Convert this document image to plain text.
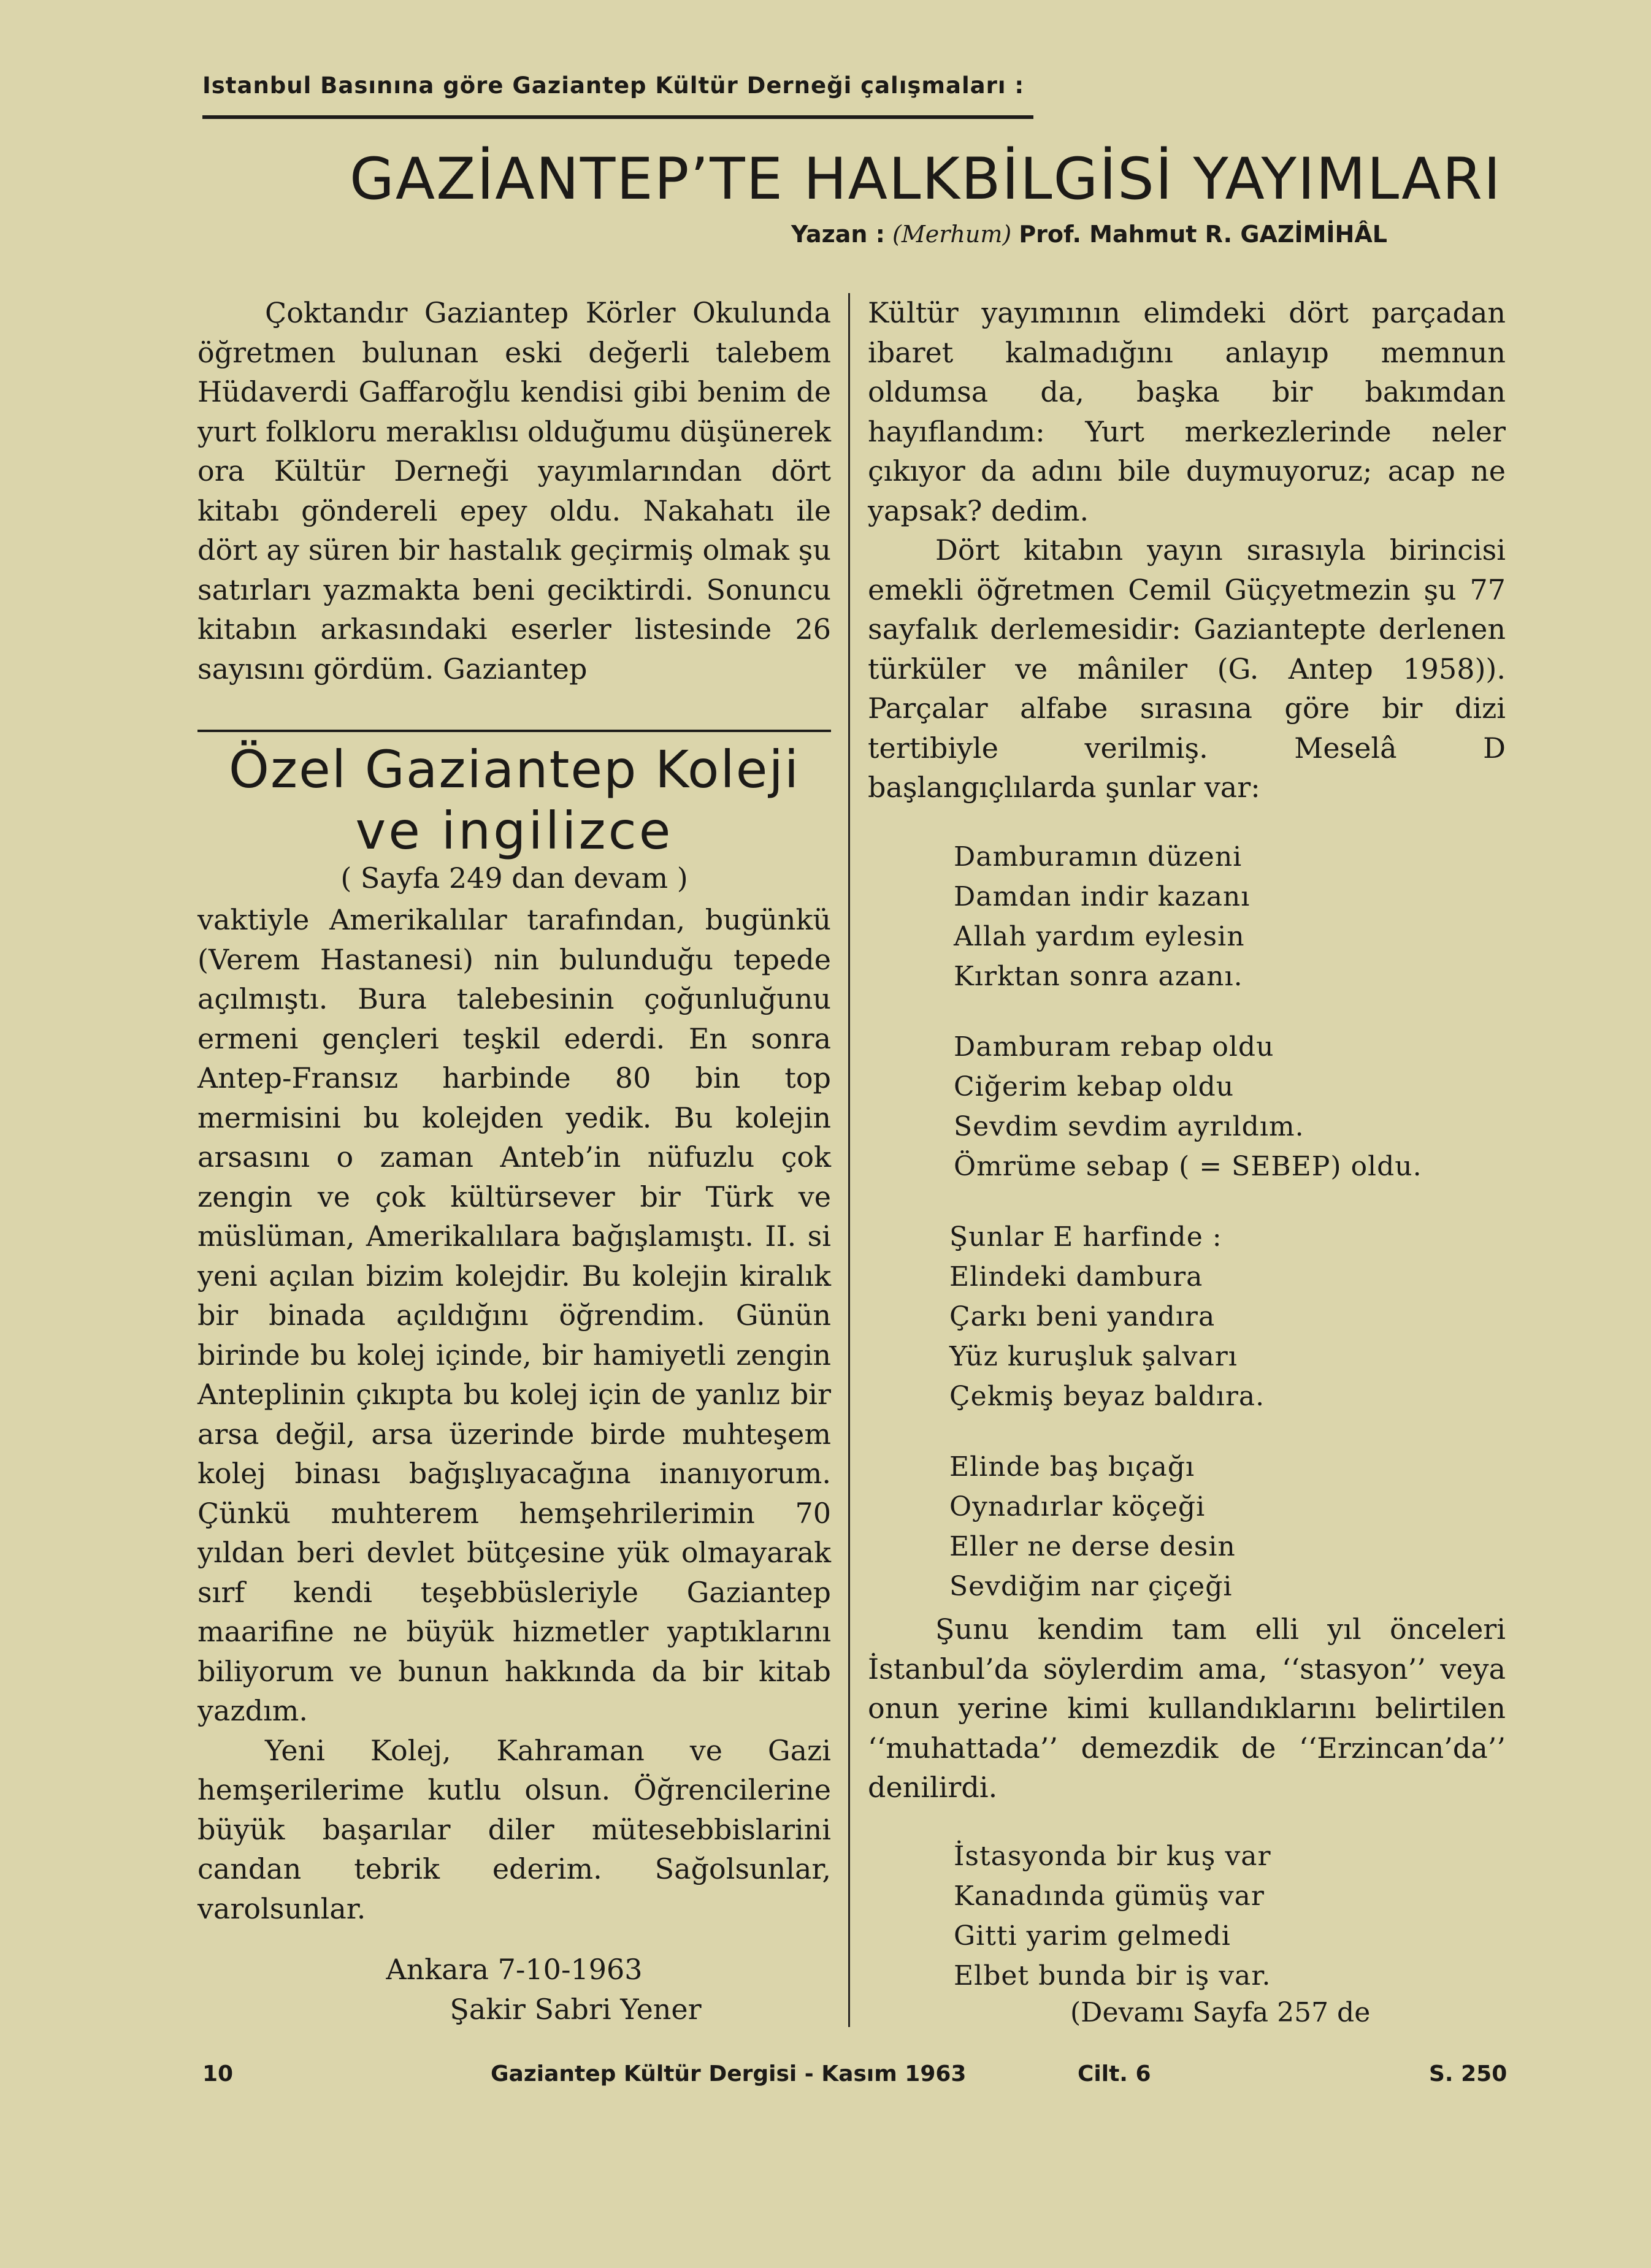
Istanbul Basınına göre Gaziantep Kültür Derneği çalışmaları :
GAZİANTEP’TE HALKBİLGİSİ YAYIMLARI
Yazan : (Merhum) Prof. Mahmut R. GAZİMİHÂL

Çoktandır Gaziantep Körler Okulunda öğretmen bulunan eski değerli talebem Hüdaverdi Gaffaroğlu kendisi gibi benim de yurt folkloru meraklısı olduğumu düşünerek ora Kültür Derneği yayımlarından dört kitabı göndereli epey oldu. Nakahatı ile dört ay süren bir hastalık geçirmiş olmak şu satırları yazmakta beni geciktirdi. Sonuncu kitabın arkasındaki eserler listesinde 26 sayısını gördüm. Gaziantep

Özel Gaziantep Koleji
ve ingilizce
( Sayfa 249 dan devam )

vaktiyle Amerikalılar tarafından, bugünkü (Verem Hastanesi) nin bulunduğu tepede açılmıştı. Bura talebesinin çoğunluğunu ermeni gençleri teşkil ederdi. En sonra Antep-Fransız harbinde 80 bin top mermisini bu kolejden yedik. Bu kolejin arsasını o zaman Anteb’in nüfuzlu çok zengin ve çok kültürsever bir Türk ve müslüman, Amerikalılara bağışlamıştı. II. si yeni açılan bizim kolejdir. Bu kolejin kiralık bir binada açıldığını öğrendim. Günün birinde bu kolej içinde, bir hamiyetli zengin Anteplinin çıkıpta bu kolej için de yanlız bir arsa değil, arsa üzerinde birde muhteşem kolej binası bağışlıyacağına inanıyorum. Çünkü muhterem hemşehrilerimin 70 yıldan beri devlet bütçesine yük olmayarak sırf kendi teşebbüsleriyle Gaziantep maarifine ne büyük hizmetler yaptıklarını biliyorum ve bunun hakkında da bir kitab yazdım.

Yeni Kolej, Kahraman ve Gazi hemşerilerime kutlu olsun. Öğrencilerine büyük başarılar diler mütesebbislarini candan tebrik ederim. Sağolsunlar, varolsunlar.

Ankara 7-10-1963
Şakir Sabri Yener

Kültür yayımının elimdeki dört parçadan ibaret kalmadığını anlayıp memnun oldumsa da, başka bir bakımdan hayıflandım: Yurt merkezlerinde neler çıkıyor da adını bile duymuyoruz; acap ne yapsak? dedim.

Dört kitabın yayın sırasıyla birincisi emekli öğretmen Cemil Güçyetmezin şu 77 sayfalık derlemesidir: Gaziantepte derlenen türküler ve mâniler (G. Antep 1958)). Parçalar alfabe sırasına göre bir dizi tertibiyle verilmiş. Meselâ D başlangıçlılarda şunlar var:

Damburamın düzeni
Damdan indir kazanı
Allah yardım eylesin
Kırktan sonra azanı.
Damburam rebap oldu
Ciğerim kebap oldu
Sevdim sevdim ayrıldım.
Ömrüme sebap ( = SEBEP) oldu.
Şunlar E harfinde :
Elindeki dambura
Çarkı beni yandıra
Yüz kuruşluk şalvarı
Çekmiş beyaz baldıra.
Elinde baş bıçağı
Oynadırlar köçeği
Eller ne derse desin
Sevdiğim nar çiçeği

Şunu kendim tam elli yıl önceleri İstanbul’da söylerdim ama, ‘‘stasyon’’ veya onun yerine kimi kullandıklarını belirtilen ‘‘muhattada’’ demezdik de ‘‘Erzincan’da’’ denilirdi.

İstasyonda bir kuş var
Kanadında gümüş var
Gitti yarim gelmedi
Elbet bunda bir iş var.
(Devamı Sayfa 257 de
10	Gaziantep Kültür Dergisi - Kasım 1963	Cilt. 6	S. 250
